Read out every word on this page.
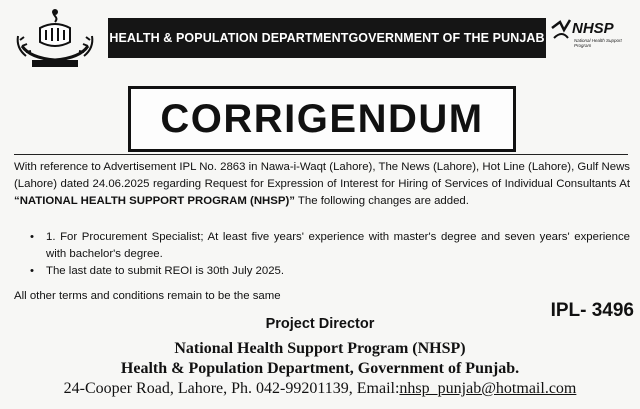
HEALTH & POPULATION DEPARTMENTGOVERNMENT OF THE PUNJAB
NHSP
National Health Support Program
CORRIGENDUM
With reference to Advertisement IPL No. 2863 in Nawa-i-Waqt (Lahore), The News (Lahore), Hot Line (Lahore), Gulf News (Lahore) dated 24.06.2025 regarding Request for Expression of Interest for Hiring of Services of Individual Consultants At “NATIONAL HEALTH SUPPORT PROGRAM (NHSP)” The following changes are added.
•	1. For Procurement Specialist; At least five years' experience with master's degree and seven years' experience with bachelor's degree.
•	The last date to submit REOI is 30th July 2025.
All other terms and conditions remain to be the same
IPL- 3496
Project Director
National Health Support Program (NHSP)
Health & Population Department, Government of Punjab.
24-Cooper Road, Lahore, Ph. 042-99201139, Email:nhsp_punjab@hotmail.com
